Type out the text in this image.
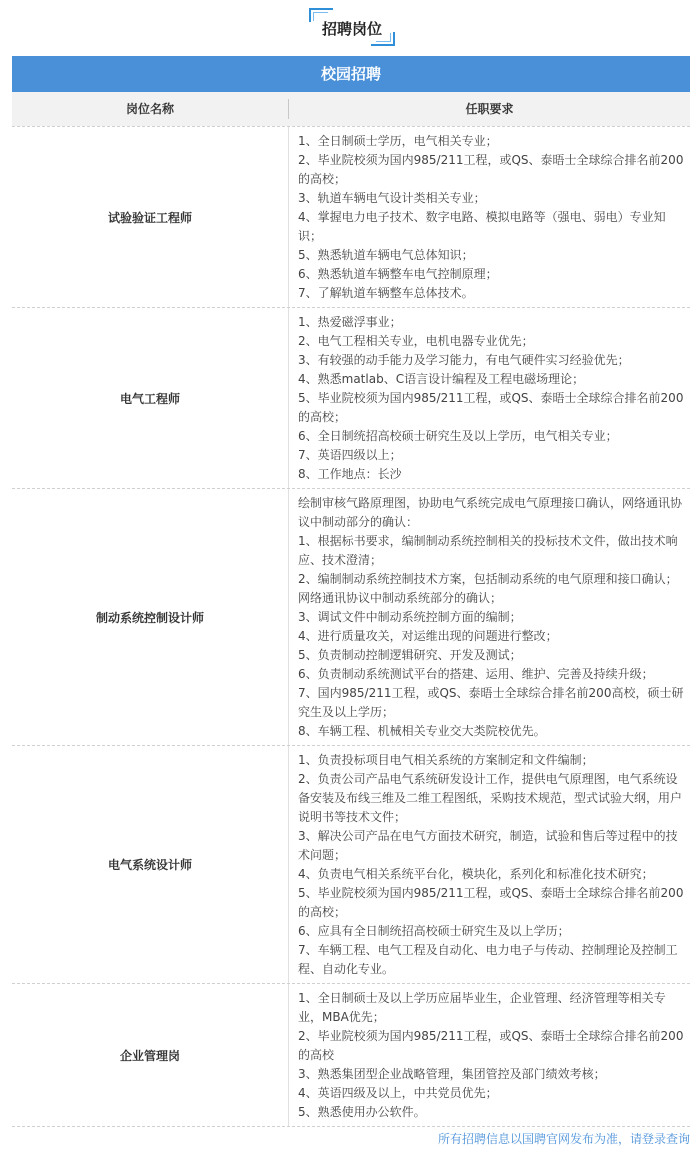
招聘岗位
校园招聘
岗位名称	任职要求
试验验证工程师
1、全日制硕士学历，电气相关专业；
2、毕业院校须为国内985/211工程，或QS、泰晤士全球综合排名前200的高校；
3、轨道车辆电气设计类相关专业；
4、掌握电力电子技术、数字电路、模拟电路等（强电、弱电）专业知识；
5、熟悉轨道车辆电气总体知识；
6、熟悉轨道车辆整车电气控制原理；
7、了解轨道车辆整车总体技术。
电气工程师
1、热爱磁浮事业；
2、电气工程相关专业，电机电器专业优先；
3、有较强的动手能力及学习能力，有电气硬件实习经验优先；
4、熟悉matlab、C语言设计编程及工程电磁场理论；
5、毕业院校须为国内985/211工程，或QS、泰晤士全球综合排名前200的高校；
6、全日制统招高校硕士研究生及以上学历，电气相关专业；
7、英语四级以上；
8、工作地点：长沙
制动系统控制设计师
绘制审核气路原理图，协助电气系统完成电气原理接口确认，网络通讯协议中制动部分的确认：
1、根据标书要求，编制制动系统控制相关的投标技术文件，做出技术响应、技术澄清；
2、编制制动系统控制技术方案，包括制动系统的电气原理和接口确认；网络通讯协议中制动系统部分的确认；
3、调试文件中制动系统控制方面的编制；
4、进行质量攻关，对运维出现的问题进行整改；
5、负责制动控制逻辑研究、开发及测试；
6、负责制动系统测试平台的搭建、运用、维护、完善及持续升级；
7、国内985/211工程，或QS、泰晤士全球综合排名前200高校，硕士研究生及以上学历；
8、车辆工程、机械相关专业交大类院校优先。
电气系统设计师
1、负责投标项目电气相关系统的方案制定和文件编制；
2、负责公司产品电气系统研发设计工作，提供电气原理图，电气系统设备安装及布线三维及二维工程图纸，采购技术规范，型式试验大纲，用户说明书等技术文件；
3、解决公司产品在电气方面技术研究，制造，试验和售后等过程中的技术问题；
4、负责电气相关系统平台化，模块化，系列化和标准化技术研究；
5、毕业院校须为国内985/211工程，或QS、泰晤士全球综合排名前200的高校；
6、应具有全日制统招高校硕士研究生及以上学历；
7、车辆工程、电气工程及自动化、电力电子与传动、控制理论及控制工程、自动化专业。
企业管理岗
1、全日制硕士及以上学历应届毕业生，企业管理、经济管理等相关专业，MBA优先；
2、毕业院校须为国内985/211工程，或QS、泰晤士全球综合排名前200的高校
3、熟悉集团型企业战略管理，集团管控及部门绩效考核；
4、英语四级及以上，中共党员优先；
5、熟悉使用办公软件。
所有招聘信息以国聘官网发布为准，请登录查询
